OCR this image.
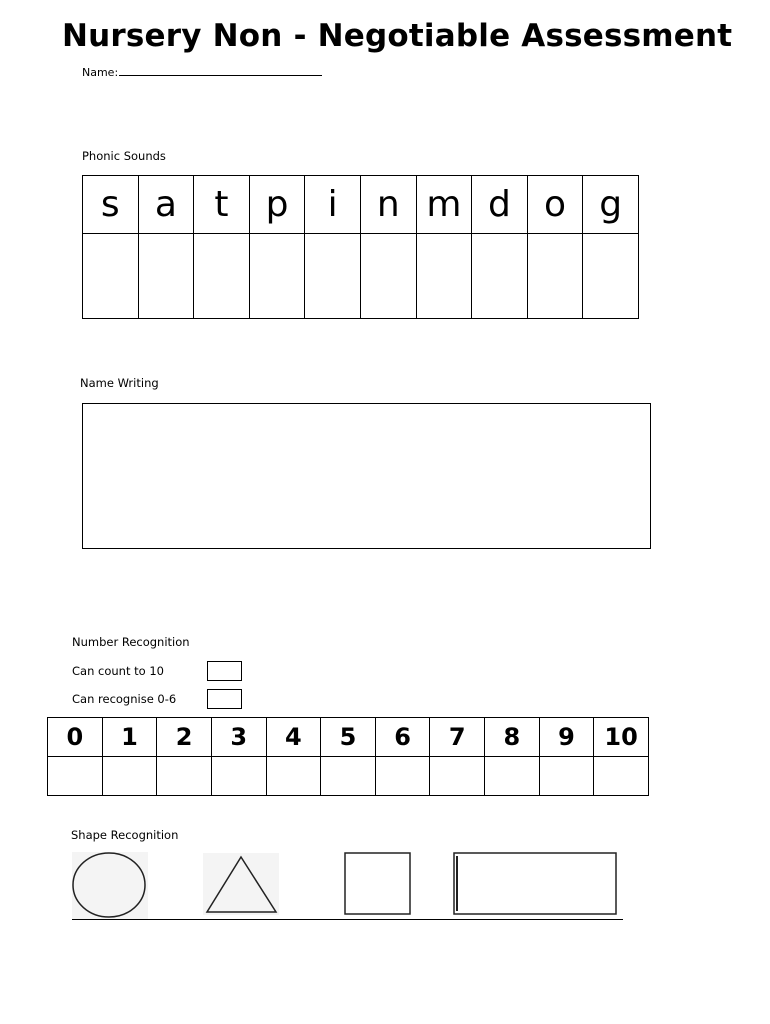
Nursery Non - Negotiable Assessment
Name:
Phonic Sounds
s	a	t	p	i	n	m	d	o	g

Name Writing
Number Recognition
Can count to 10
Can recognise 0-6
0	1	2	3	4	5	6	7	8	9	10

Shape Recognition
